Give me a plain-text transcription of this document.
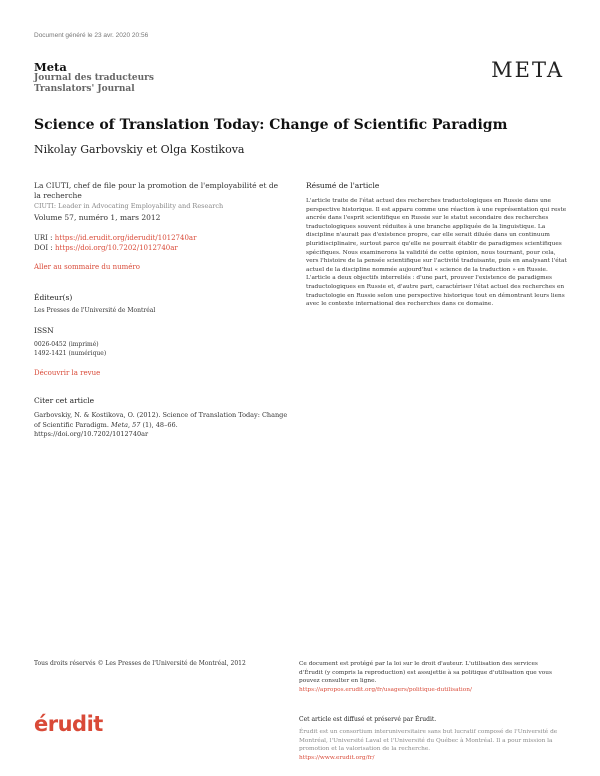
Document généré le 23 avr. 2020 20:56
Meta
Journal des traducteurs
Translators' Journal
META
Science of Translation Today: Change of Scientific Paradigm
Nikolay Garbovskiy et Olga Kostikova
La CIUTI, chef de file pour la promotion de l'employabilité et de la recherche
CIUTI: Leader in Advocating Employability and Research
Volume 57, numéro 1, mars 2012
URI : https://id.erudit.org/iderudit/1012740ar
DOI : https://doi.org/10.7202/1012740ar
Aller au sommaire du numéro
Éditeur(s)
Les Presses de l'Université de Montréal
ISSN
0026-0452 (imprimé)
1492-1421 (numérique)
Découvrir la revue
Citer cet article
Garbovskiy, N. & Kostikova, O. (2012). Science of Translation Today: Change of Scientific Paradigm. Meta, 57 (1), 48–66. https://doi.org/10.7202/1012740ar
Résumé de l'article
L'article traite de l'état actuel des recherches traductologiques en Russie dans une perspective historique. Il est apparu comme une réaction à une représentation qui reste ancrée dans l'esprit scientifique en Russie sur le statut secondaire des recherches traductologiques souvent réduites à une branche appliquée de la linguistique. La discipline n'aurait pas d'existence propre, car elle serait diluée dans un continuum pluridisciplinaire, surtout parce qu'elle ne pourrait établir de paradigmes scientifiques spécifiques. Nous examinerons la validité de cette opinion, nous tournant, pour cela, vers l'histoire de la pensée scientifique sur l'activité traduisante, puis en analysant l'état actuel de la discipline nommée aujourd'hui « science de la traduction » en Russie. L'article a deux objectifs interreliés : d'une part, prouver l'existence de paradigmes traductologiques en Russie et, d'autre part, caractériser l'état actuel des recherches en traductologie en Russie selon une perspective historique tout en démontrant leurs liens avec le contexte international des recherches dans ce domaine.
Tous droits réservés © Les Presses de l'Université de Montréal, 2012	Ce document est protégé par la loi sur le droit d'auteur. L'utilisation des services d'Érudit (y compris la reproduction) est assujettie à sa politique d'utilisation que vous pouvez consulter en ligne.
https://apropos.erudit.org/fr/usagers/politique-dutilisation/
érudit	Cet article est diffusé et préservé par Érudit.
Érudit est un consortium interuniversitaire sans but lucratif composé de l'Université de Montréal, l'Université Laval et l'Université du Québec à Montréal. Il a pour mission la promotion et la valorisation de la recherche.
https://www.erudit.org/fr/
